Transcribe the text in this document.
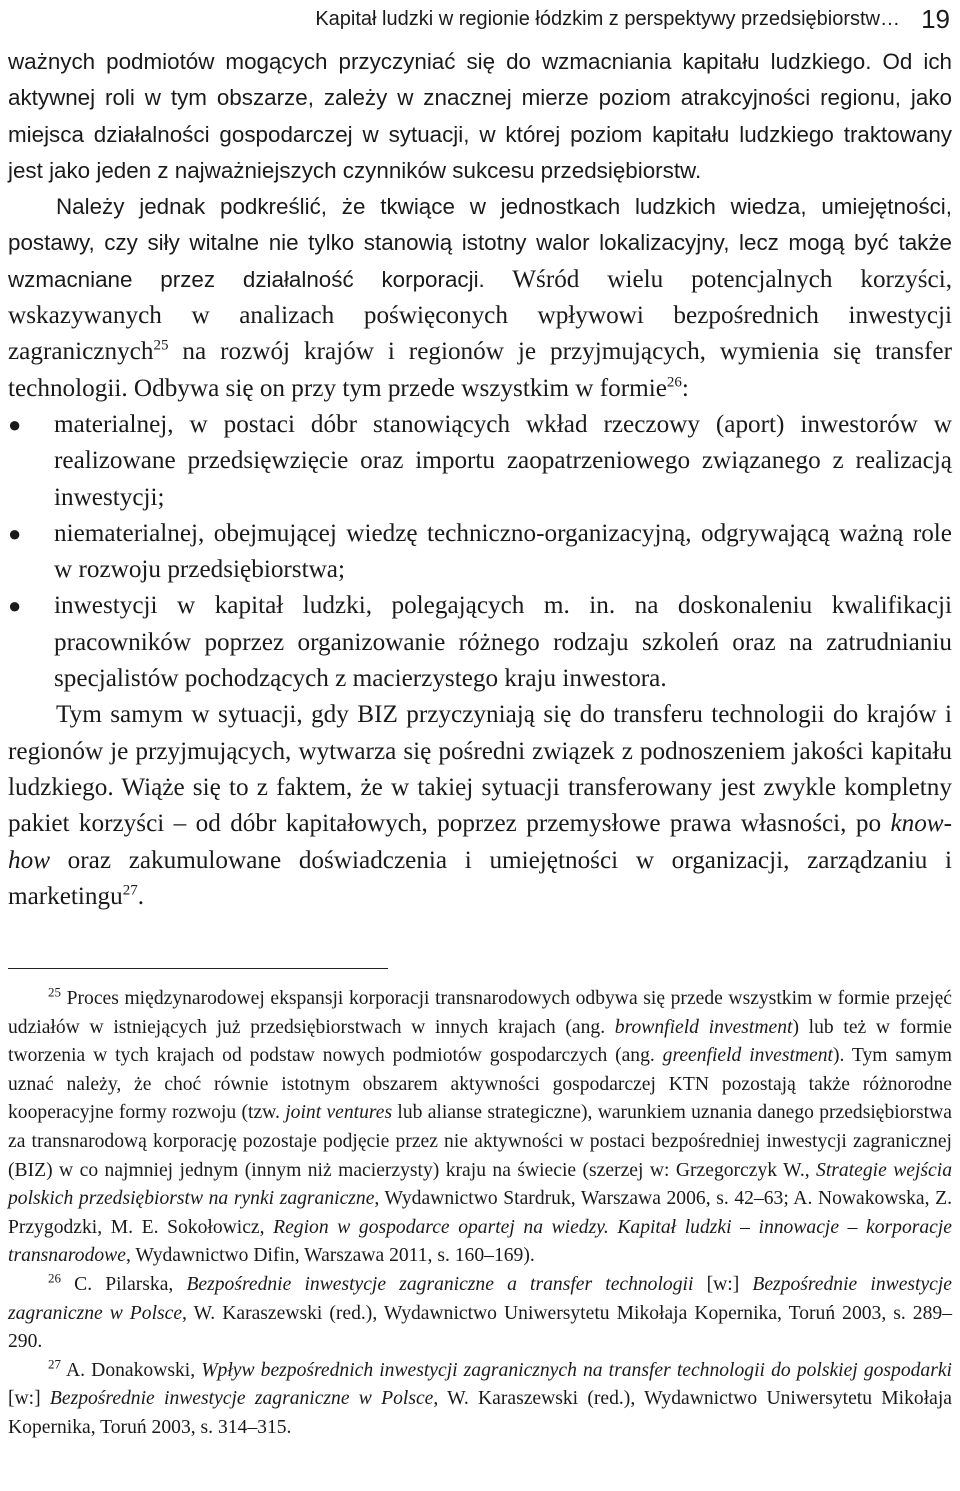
Kapitał ludzki w regionie łódzkim z perspektywy przedsiębiorstw… 19

ważnych podmiotów mogących przyczyniać się do wzmacniania kapitału ludzkiego. Od ich aktywnej roli w tym obszarze, zależy w znacznej mierze poziom atrakcyjności regionu, jako miejsca działalności gospodarczej w sytuacji, w której poziom kapitału ludzkiego traktowany jest jako jeden z najważniejszych czynników sukcesu przedsiębiorstw.

Należy jednak podkreślić, że tkwiące w jednostkach ludzkich wiedza, umiejętności, postawy, czy siły witalne nie tylko stanowią istotny walor lokalizacyjny, lecz mogą być także wzmacniane przez działalność korporacji. Wśród wielu potencjalnych korzyści, wskazywanych w analizach poświęconych wpływowi bezpośrednich inwestycji zagranicznych$^{25}$ na rozwój krajów i regionów je przyjmujących, wymienia się transfer technologii. Odbywa się on przy tym przede wszystkim w formie$^{26}$:

● materialnej, w postaci dóbr stanowiących wkład rzeczowy (aport) inwestorów w realizowane przedsięwzięcie oraz importu zaopatrzeniowego związanego z realizacją inwestycji;
● niematerialnej, obejmującej wiedzę techniczno-organizacyjną, odgrywającą ważną role w rozwoju przedsiębiorstwa;
● inwestycji w kapitał ludzki, polegających m. in. na doskonaleniu kwalifikacji pracowników poprzez organizowanie różnego rodzaju szkoleń oraz na zatrudnianiu specjalistów pochodzących z macierzystego kraju inwestora.

Tym samym w sytuacji, gdy BIZ przyczyniają się do transferu technologii do krajów i regionów je przyjmujących, wytwarza się pośredni związek z podnoszeniem jakości kapitału ludzkiego. Wiąże się to z faktem, że w takiej sytuacji transferowany jest zwykle kompletny pakiet korzyści – od dóbr kapitałowych, poprzez przemysłowe prawa własności, po know-how oraz zakumulowane doświadczenia i umiejętności w organizacji, zarządzaniu i marketingu$^{27}$.

$^{25}$ Proces międzynarodowej ekspansji korporacji transnarodowych odbywa się przede wszystkim w formie przejęć udziałów w istniejących już przedsiębiorstwach w innych krajach (ang. brownfield investment) lub też w formie tworzenia w tych krajach od podstaw nowych podmiotów gospodarczych (ang. greenfield investment). Tym samym uznać należy, że choć równie istotnym obszarem aktywności gospodarczej KTN pozostają także różnorodne kooperacyjne formy rozwoju (tzw. joint ventures lub alianse strategiczne), warunkiem uznania danego przedsiębiorstwa za transnarodową korporację pozostaje podjęcie przez nie aktywności w postaci bezpośredniej inwestycji zagranicznej (BIZ) w co najmniej jednym (innym niż macierzysty) kraju na świecie (szerzej w: Grzegorczyk W., Strategie wejścia polskich przedsiębiorstw na rynki zagraniczne, Wydawnictwo Stardruk, Warszawa 2006, s. 42–63; A. Nowakowska, Z. Przygodzki, M. E. Sokołowicz, Region w gospodarce opartej na wiedzy. Kapitał ludzki – innowacje – korporacje transnarodowe, Wydawnictwo Difin, Warszawa 2011, s. 160–169).

$^{26}$ C. Pilarska, Bezpośrednie inwestycje zagraniczne a transfer technologii [w:] Bezpośrednie inwestycje zagraniczne w Polsce, W. Karaszewski (red.), Wydawnictwo Uniwersytetu Mikołaja Kopernika, Toruń 2003, s. 289–290.

$^{27}$ A. Donakowski, Wpływ bezpośrednich inwestycji zagranicznych na transfer technologii do polskiej gospodarki [w:] Bezpośrednie inwestycje zagraniczne w Polsce, W. Karaszewski (red.), Wydawnictwo Uniwersytetu Mikołaja Kopernika, Toruń 2003, s. 314–315.
